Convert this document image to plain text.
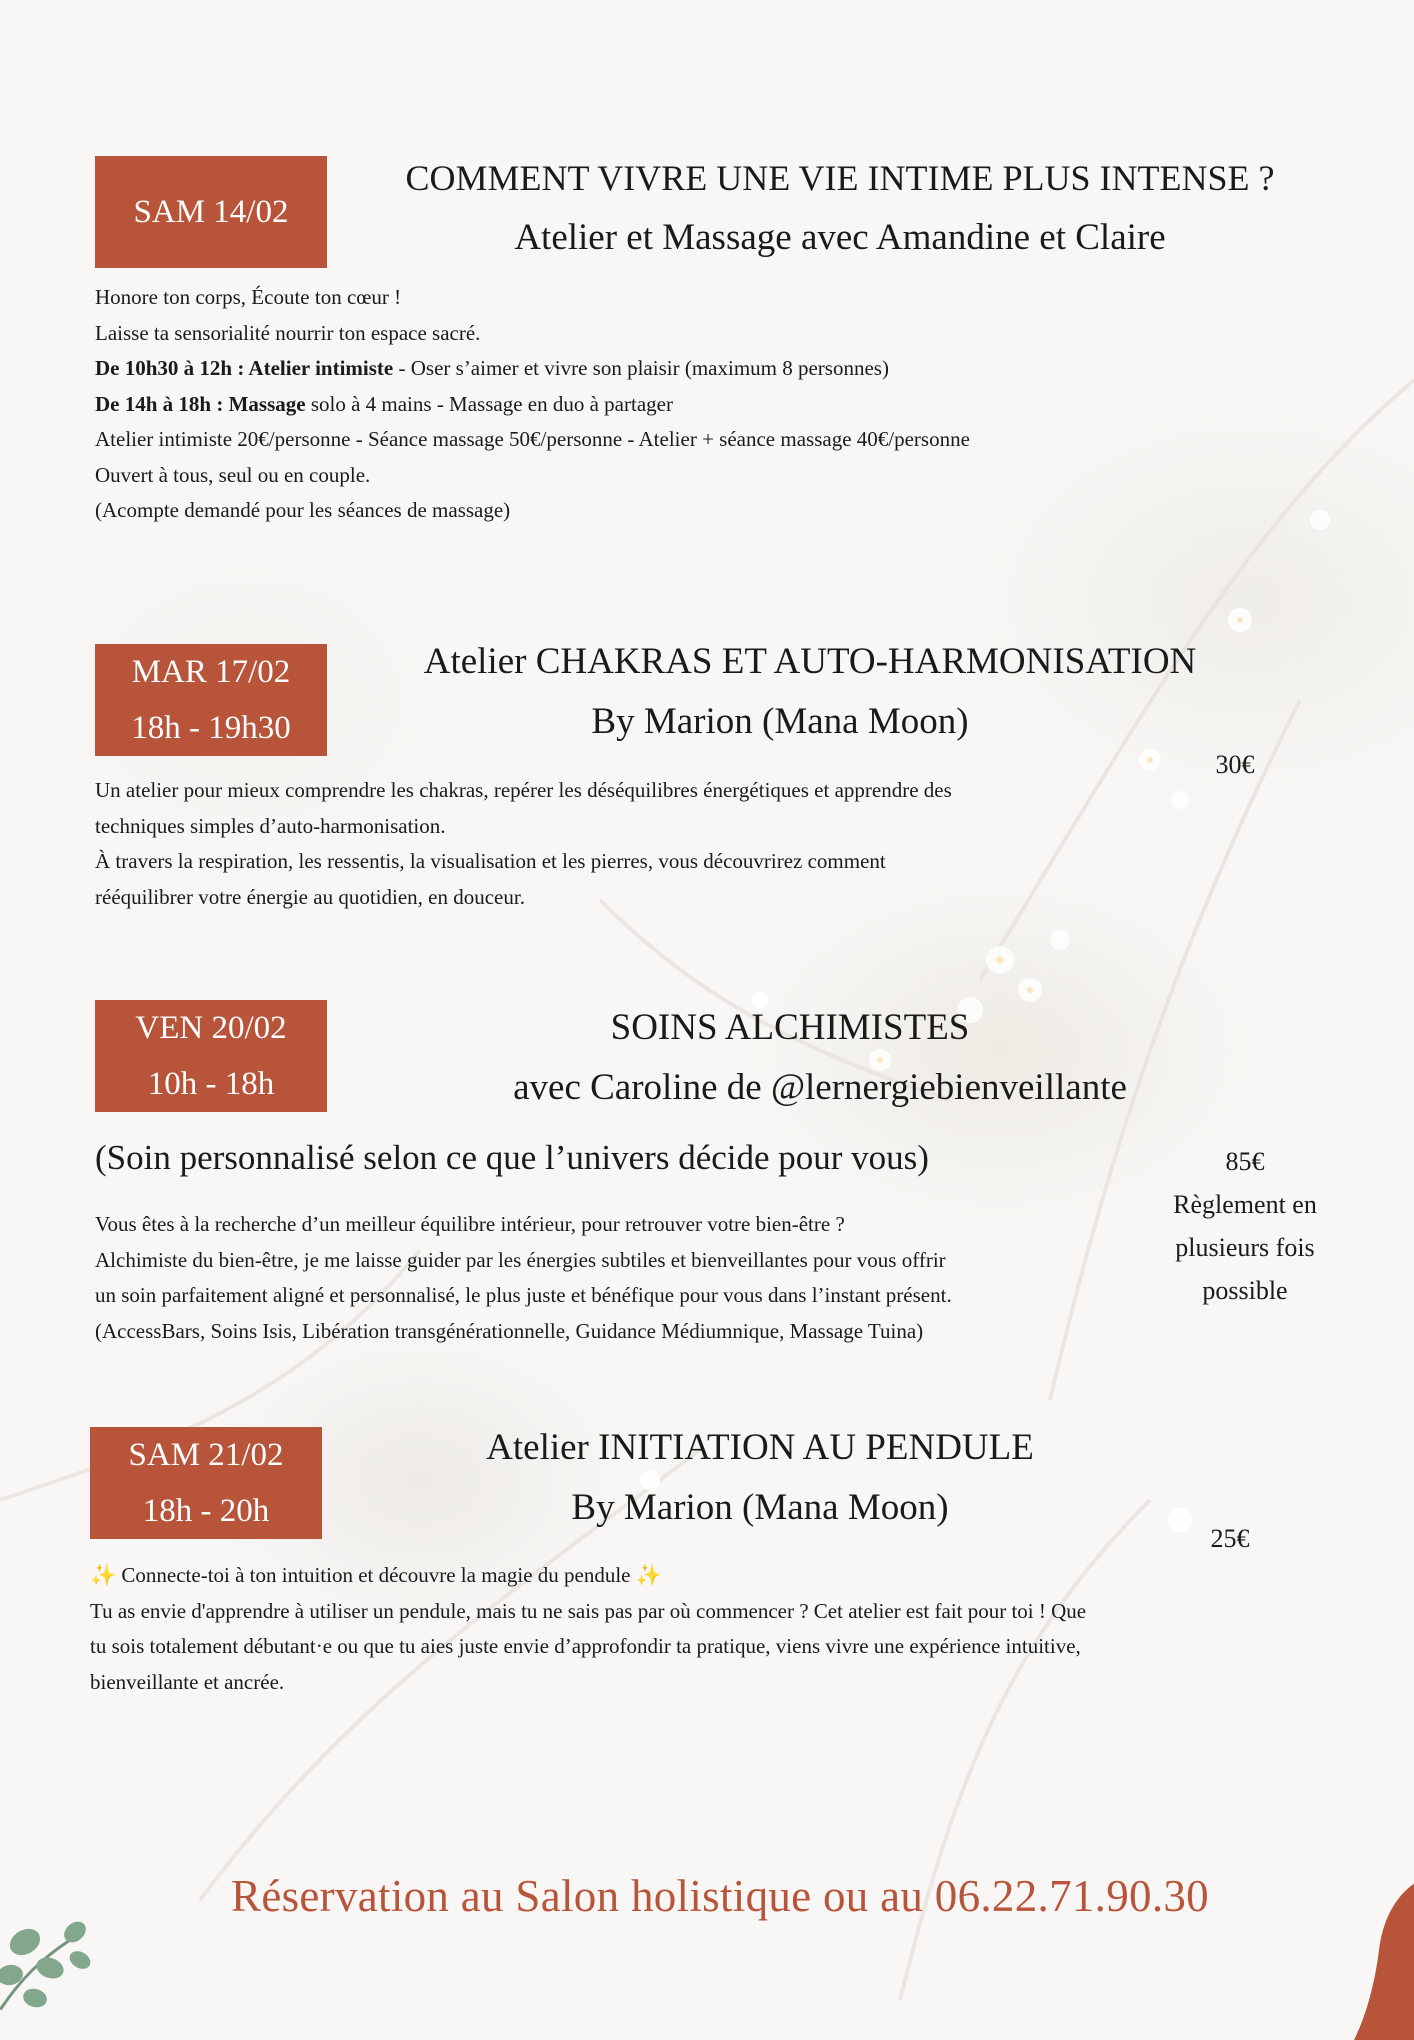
SAM 14/02
COMMENT VIVRE UNE VIE INTIME PLUS INTENSE ?
Atelier et Massage avec Amandine et Claire

Honore ton corps, Écoute ton cœur !

Laisse ta sensorialité nourrir ton espace sacré.

De 10h30 à 12h : Atelier intimiste - Oser s’aimer et vivre son plaisir (maximum 8 personnes)

De 14h à 18h : Massage solo à 4 mains - Massage en duo à partager

Atelier intimiste 20€/personne - Séance massage 50€/personne - Atelier + séance massage 40€/personne

Ouvert à tous, seul ou en couple.

(Acompte demandé pour les séances de massage)

MAR 17/02
18h - 19h30
Atelier CHAKRAS ET AUTO-HARMONISATION
By Marion (Mana Moon)
30€

Un atelier pour mieux comprendre les chakras, repérer les déséquilibres énergétiques et apprendre des

techniques simples d’auto-harmonisation.

À travers la respiration, les ressentis, la visualisation et les pierres, vous découvrirez comment

rééquilibrer votre énergie au quotidien, en douceur.

VEN 20/02
10h - 18h
SOINS ALCHIMISTES
avec Caroline de @lernergiebienveillante
(Soin personnalisé selon ce que l’univers décide pour vous)	85€
Règlement en
plusieurs fois
possible

Vous êtes à la recherche d’un meilleur équilibre intérieur, pour retrouver votre bien-être ?

Alchimiste du bien-être, je me laisse guider par les énergies subtiles et bienveillantes pour vous offrir

un soin parfaitement aligné et personnalisé, le plus juste et bénéfique pour vous dans l’instant présent.

(AccessBars, Soins Isis, Libération transgénérationnelle, Guidance Médiumnique, Massage Tuina)

SAM 21/02
18h - 20h
Atelier INITIATION AU PENDULE
By Marion (Mana Moon)
25€

✨ Connecte-toi à ton intuition et découvre la magie du pendule ✨

Tu as envie d'apprendre à utiliser un pendule, mais tu ne sais pas par où commencer ? Cet atelier est fait pour toi ! Que

tu sois totalement débutant·e ou que tu aies juste envie d’approfondir ta pratique, viens vivre une expérience intuitive,

bienveillante et ancrée.

Réservation au Salon holistique ou au 06.22.71.90.30
